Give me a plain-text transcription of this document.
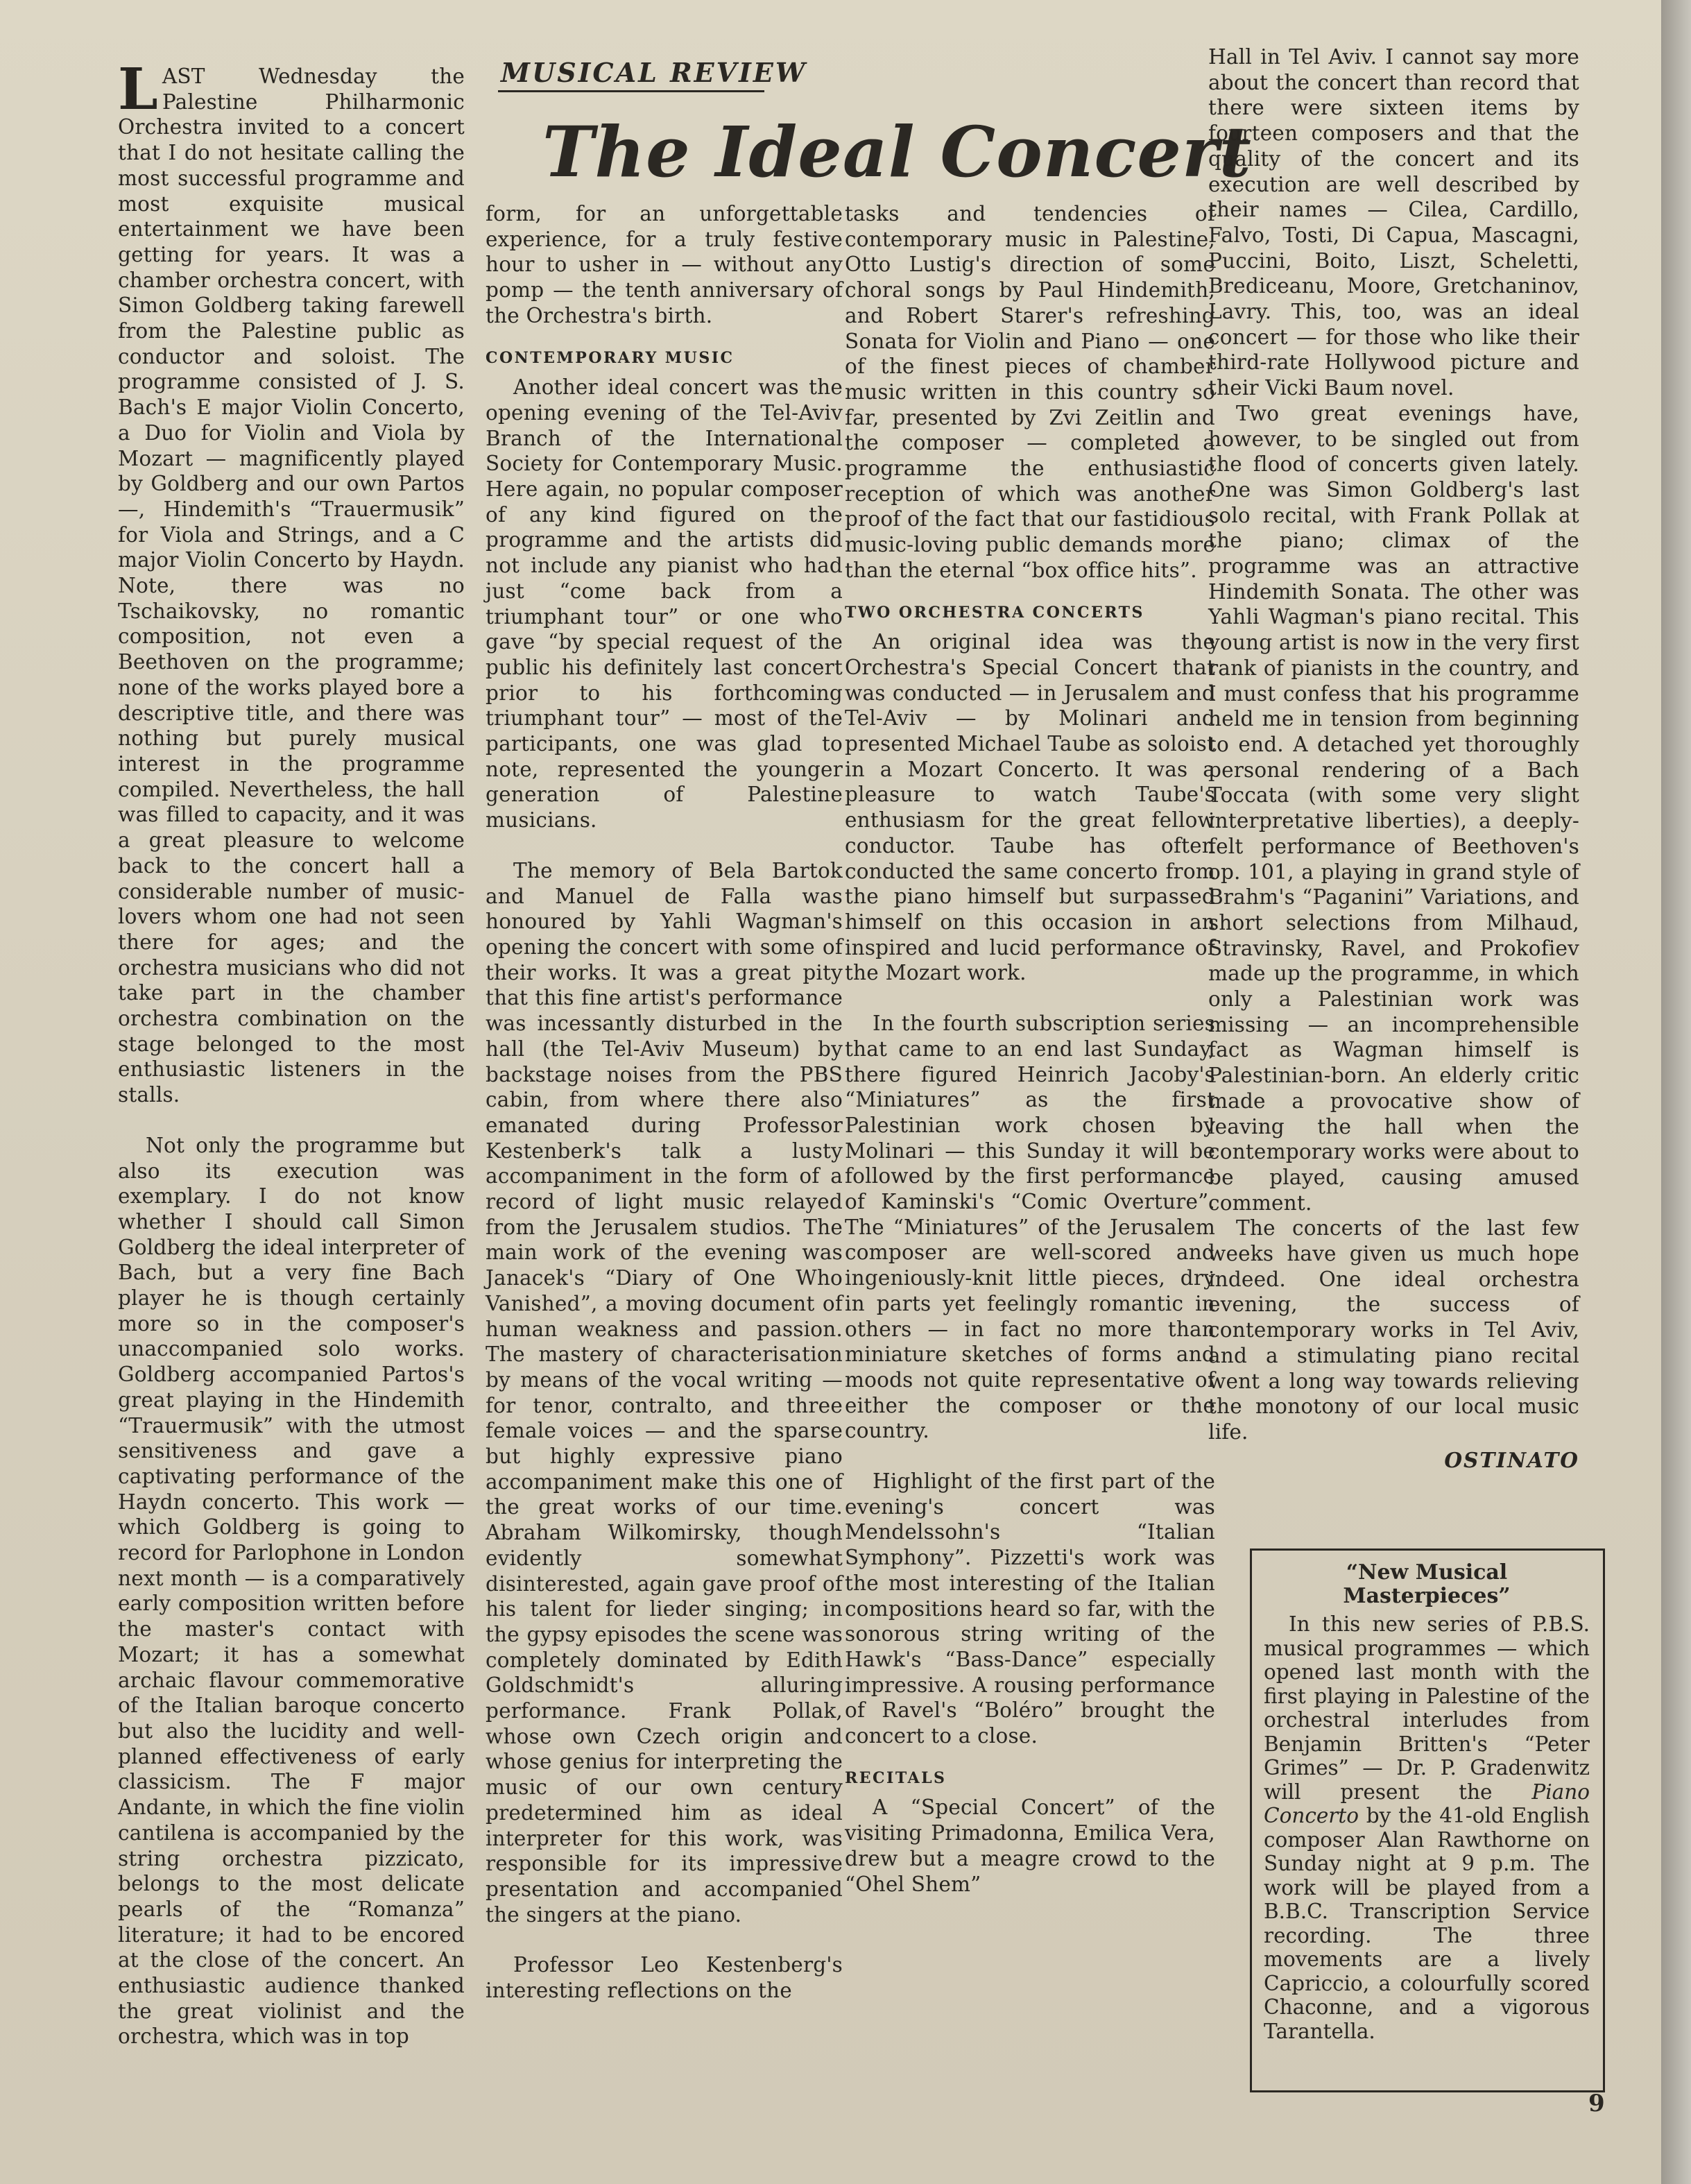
MUSICAL REVIEW
The Ideal Concert

LAST Wednesday the Palestine Philharmonic Orchestra invited to a concert that I do not hesitate calling the most successful programme and most exquisite musical entertainment we have been getting for years. It was a chamber orchestra concert, with Simon Goldberg taking farewell from the Palestine public as conductor and soloist. The programme consisted of J. S. Bach's E major Violin Concerto, a Duo for Violin and Viola by Mozart — magnificently played by Goldberg and our own Partos —, Hindemith's “Trauermusik” for Viola and Strings, and a C major Violin Concerto by Haydn. Note, there was no Tschaikovsky, no romantic composition, not even a Beethoven on the programme; none of the works played bore a descriptive title, and there was nothing but purely musical interest in the programme compiled. Nevertheless, the hall was filled to capacity, and it was a great pleasure to welcome back to the concert hall a considerable number of music-lovers whom one had not seen there for ages; and the orchestra musicians who did not take part in the chamber orchestra combination on the stage belonged to the most enthusiastic listeners in the stalls.

Not only the programme but also its execution was exemplary. I do not know whether I should call Simon Goldberg the ideal interpreter of Bach, but a very fine Bach player he is though certainly more so in the composer's unaccompanied solo works. Goldberg accompanied Partos's great playing in the Hindemith “Trauermusik” with the utmost sensitiveness and gave a captivating performance of the Haydn concerto. This work — which Goldberg is going to record for Parlophone in London next month — is a comparatively early composition written before the master's contact with Mozart; it has a somewhat archaic flavour commemorative of the Italian baroque concerto but also the lucidity and well-planned effectiveness of early classicism. The F major Andante, in which the fine violin cantilena is accompanied by the string orchestra pizzicato, belongs to the most delicate pearls of the “Romanza” literature; it had to be encored at the close of the concert. An enthusiastic audience thanked the great violinist and the orchestra, which was in top

form, for an unforgettable experience, for a truly festive hour to usher in — without any pomp — the tenth anniversary of the Orchestra's birth.

CONTEMPORARY MUSIC

Another ideal concert was the opening evening of the Tel-Aviv Branch of the International Society for Contemporary Music. Here again, no popular composer of any kind figured on the programme and the artists did not include any pianist who had just “come back from a triumphant tour” or one who gave “by special request of the public his definitely last concert prior to his forthcoming triumphant tour” — most of the participants, one was glad to note, represented the younger generation of Palestine musicians.

The memory of Bela Bartok and Manuel de Falla was honoured by Yahli Wagman's opening the concert with some of their works. It was a great pity that this fine artist's performance was incessantly disturbed in the hall (the Tel-Aviv Museum) by backstage noises from the PBS cabin, from where there also emanated during Professor Kestenberk's talk a lusty accompaniment in the form of a record of light music relayed from the Jerusalem studios. The main work of the evening was Janacek's “Diary of One Who Vanished”, a moving document of human weakness and passion. The mastery of characterisation by means of the vocal writing — for tenor, contralto, and three female voices — and the sparse but highly expressive piano accompaniment make this one of the great works of our time. Abraham Wilkomirsky, though evidently somewhat disinterested, again gave proof of his talent for lieder singing; in the gypsy episodes the scene was completely dominated by Edith Goldschmidt's alluring performance. Frank Pollak, whose own Czech origin and whose genius for interpreting the music of our own century predetermined him as ideal interpreter for this work, was responsible for its impressive presentation and accompanied the singers at the piano.

Professor Leo Kestenberg's interesting reflections on the

tasks and tendencies of contemporary music in Palestine, Otto Lustig's direction of some choral songs by Paul Hindemith, and Robert Starer's refreshing Sonata for Violin and Piano — one of the finest pieces of chamber music written in this country so far, presented by Zvi Zeitlin and the composer — completed a programme the enthusiastic reception of which was another proof of the fact that our fastidious music-loving public demands more than the eternal “box office hits”.

TWO ORCHESTRA CONCERTS

An original idea was the Orchestra's Special Concert that was conducted — in Jerusalem and Tel-Aviv — by Molinari and presented Michael Taube as soloist in a Mozart Concerto. It was a pleasure to watch Taube's enthusiasm for the great fellow conductor. Taube has often conducted the same concerto from the piano himself but surpassed himself on this occasion in an inspired and lucid performance of the Mozart work.

In the fourth subscription series that came to an end last Sunday, there figured Heinrich Jacoby's “Miniatures” as the first Palestinian work chosen by Molinari — this Sunday it will be followed by the first performance of Kaminski's “Comic Overture”. The “Miniatures” of the Jerusalem composer are well-scored and ingeniously-knit little pieces, dry in parts yet feelingly romantic in others — in fact no more than miniature sketches of forms and moods not quite representative of either the composer or the country.

Highlight of the first part of the evening's concert was Mendelssohn's “Italian Symphony”. Pizzetti's work was the most interesting of the Italian compositions heard so far, with the sonorous string writing of the Hawk's “Bass-Dance” especially impressive. A rousing performance of Ravel's “Boléro” brought the concert to a close.

RECITALS

A “Special Concert” of the visiting Primadonna, Emilica Vera, drew but a meagre crowd to the “Ohel Shem”

Hall in Tel Aviv. I cannot say more about the concert than record that there were sixteen items by fourteen composers and that the quality of the concert and its execution are well described by their names — Cilea, Cardillo, Falvo, Tosti, Di Capua, Mascagni, Puccini, Boito, Liszt, Scheletti, Brediceanu, Moore, Gretchaninov, Lavry. This, too, was an ideal concert — for those who like their third-rate Hollywood picture and their Vicki Baum novel.

Two great evenings have, however, to be singled out from the flood of concerts given lately. One was Simon Goldberg's last solo recital, with Frank Pollak at the piano; climax of the programme was an attractive Hindemith Sonata. The other was Yahli Wagman's piano recital. This young artist is now in the very first rank of pianists in the country, and I must confess that his programme held me in tension from beginning to end. A detached yet thoroughly personal rendering of a Bach Toccata (with some very slight interpretative liberties), a deeply-felt performance of Beethoven's op. 101, a playing in grand style of Brahm's “Paganini” Variations, and short selections from Milhaud, Stravinsky, Ravel, and Prokofiev made up the programme, in which only a Palestinian work was missing — an incomprehensible fact as Wagman himself is Palestinian-born. An elderly critic made a provocative show of leaving the hall when the contemporary works were about to be played, causing amused comment.

The concerts of the last few weeks have given us much hope indeed. One ideal orchestra evening, the success of contemporary works in Tel Aviv, and a stimulating piano recital went a long way towards relieving the monotony of our local music life.

OSTINATO

“New Musical Masterpieces”

In this new series of P.B.S. musical programmes — which opened last month with the first playing in Palestine of the orchestral interludes from Benjamin Britten's “Peter Grimes” — Dr. P. Gradenwitz will present the Piano Concerto by the 41-old English composer Alan Rawthorne on Sunday night at 9 p.m. The work will be played from a B.B.C. Transcription Service recording. The three movements are a lively Capriccio, a colourfully scored Chaconne, and a vigorous Tarantella.

9
